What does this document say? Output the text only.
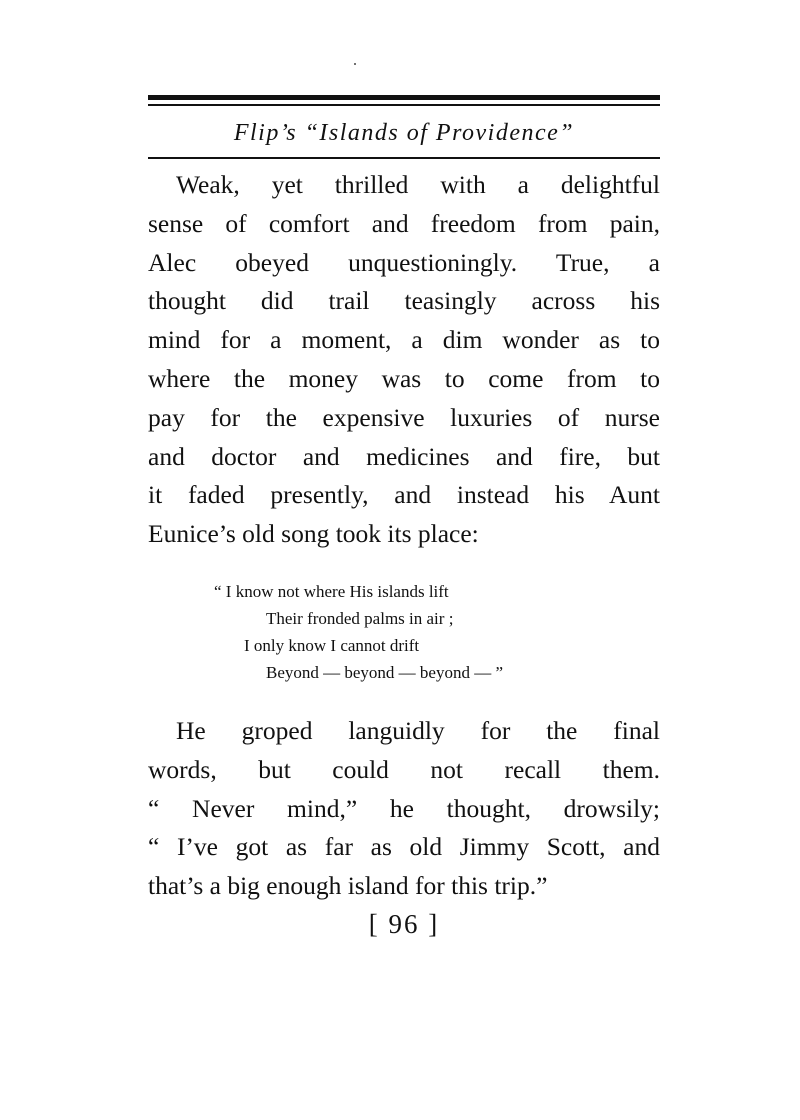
Flip’s “Islands of Providence”
Weak, yet thrilled with a delightful
sense of comfort and freedom from pain,
Alec obeyed unquestioningly. True, a
thought did trail teasingly across his
mind for a moment, a dim wonder as to
where the money was to come from to
pay for the expensive luxuries of nurse
and doctor and medicines and fire, but
it faded presently, and instead his Aunt
Eunice’s old song took its place:
“ I know not where His islands lift
Their fronded palms in air ;
I only know I cannot drift
Beyond — beyond — beyond — ”
He groped languidly for the final
words, but could not recall them.
“ Never mind,” he thought, drowsily;
“ I’ve got as far as old Jimmy Scott, and
that’s a big enough island for this trip.”
[ 96 ]
